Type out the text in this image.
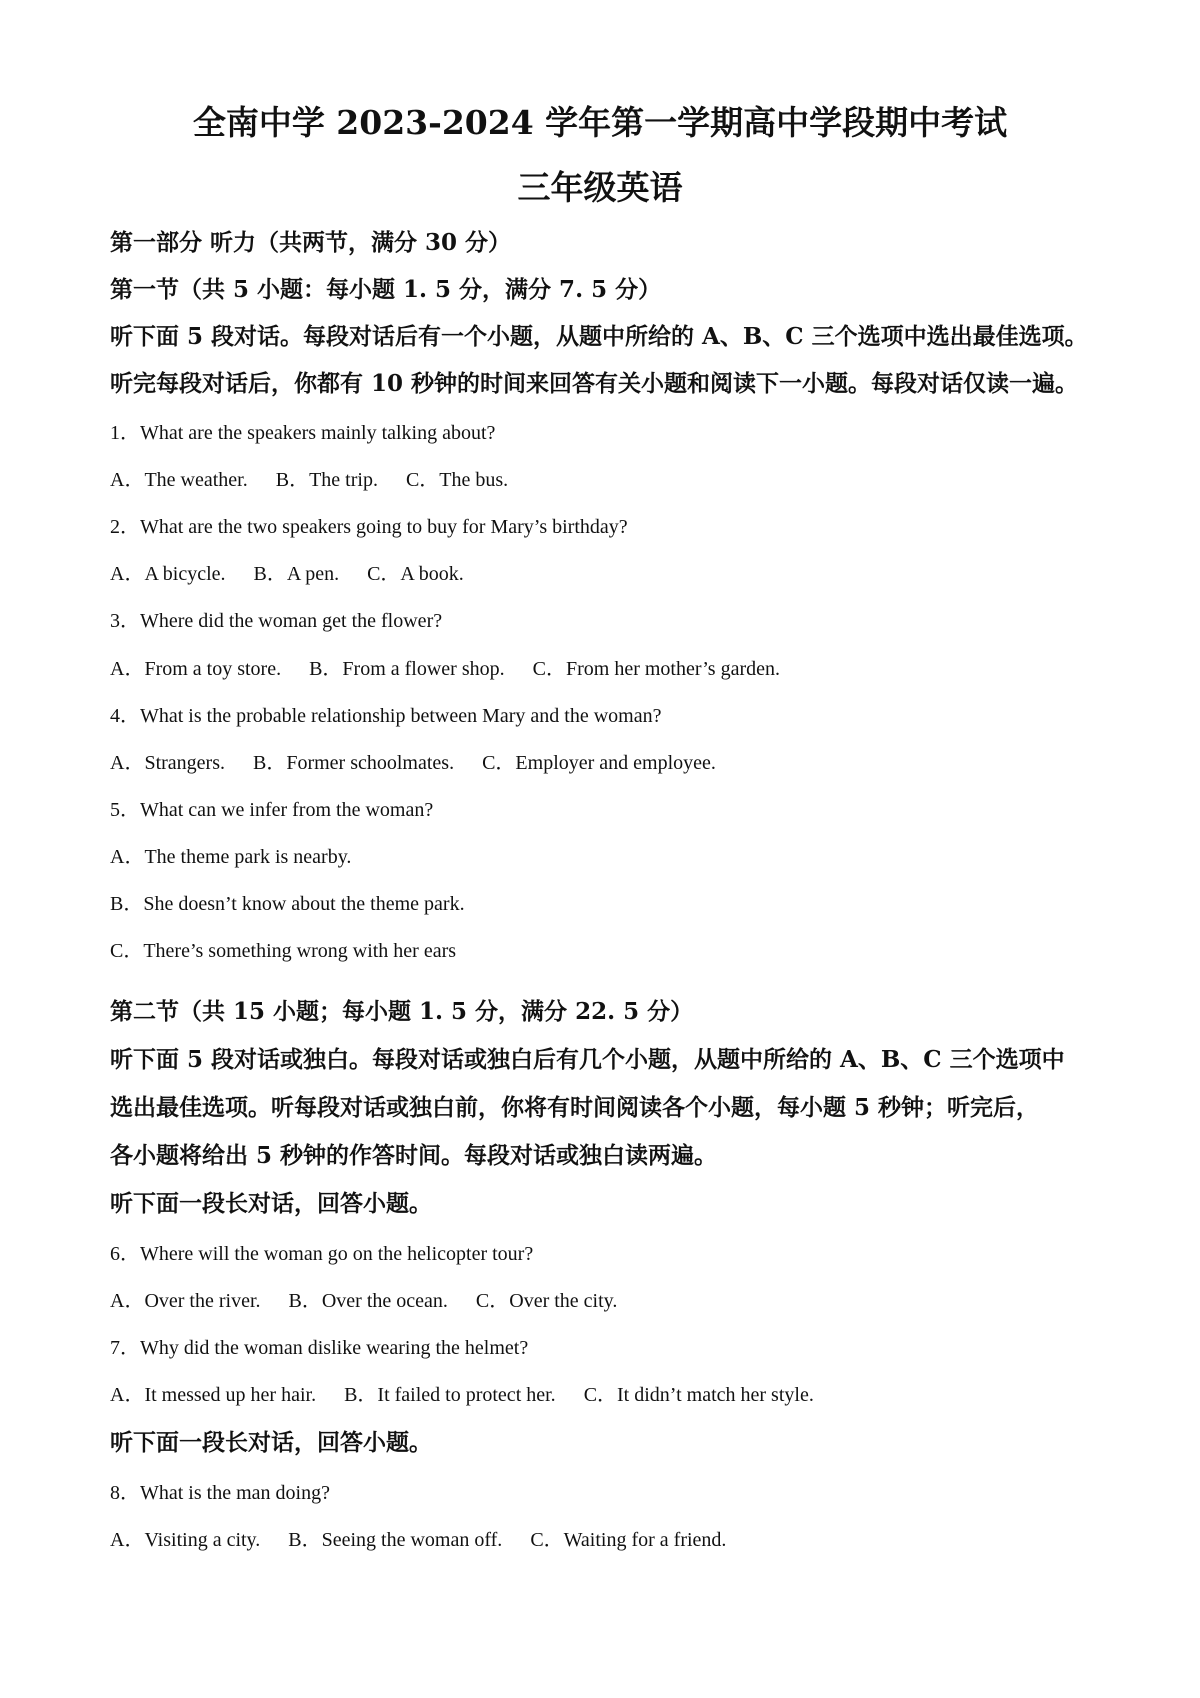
全南中学 2023-2024 学年第一学期高中学段期中考试
三年级英语

第一部分 听力（共两节，满分 30 分）

第一节（共 5 小题：每小题 1. 5 分，满分 7. 5 分）

听下面 5 段对话。每段对话后有一个小题，从题中所给的 A、B、C 三个选项中选出最佳选项。

听完每段对话后，你都有 10 秒钟的时间来回答有关小题和阅读下一小题。每段对话仅读一遍。

1．What are the speakers mainly talking about?

A．The weather. B．The trip. C．The bus.

2．What are the two speakers going to buy for Mary’s birthday?

A．A bicycle. B．A pen. C．A book.

3．Where did the woman get the flower?

A．From a toy store. B．From a flower shop. C．From her mother’s garden.

4．What is the probable relationship between Mary and the woman?

A．Strangers. B．Former schoolmates. C．Employer and employee.

5．What can we infer from the woman?

A．The theme park is nearby.

B．She doesn’t know about the theme park.

C．There’s something wrong with her ears

第二节（共 15 小题；每小题 1. 5 分，满分 22. 5 分）

听下面 5 段对话或独白。每段对话或独白后有几个小题，从题中所给的 A、B、C 三个选项中

选出最佳选项。听每段对话或独白前，你将有时间阅读各个小题，每小题 5 秒钟；听完后，

各小题将给出 5 秒钟的作答时间。每段对话或独白读两遍。

听下面一段长对话，回答小题。

6．Where will the woman go on the helicopter tour?

A．Over the river. B．Over the ocean. C．Over the city.

7．Why did the woman dislike wearing the helmet?

A．It messed up her hair. B．It failed to protect her. C．It didn’t match her style.

听下面一段长对话，回答小题。

8．What is the man doing?

A．Visiting a city. B．Seeing the woman off. C．Waiting for a friend.
